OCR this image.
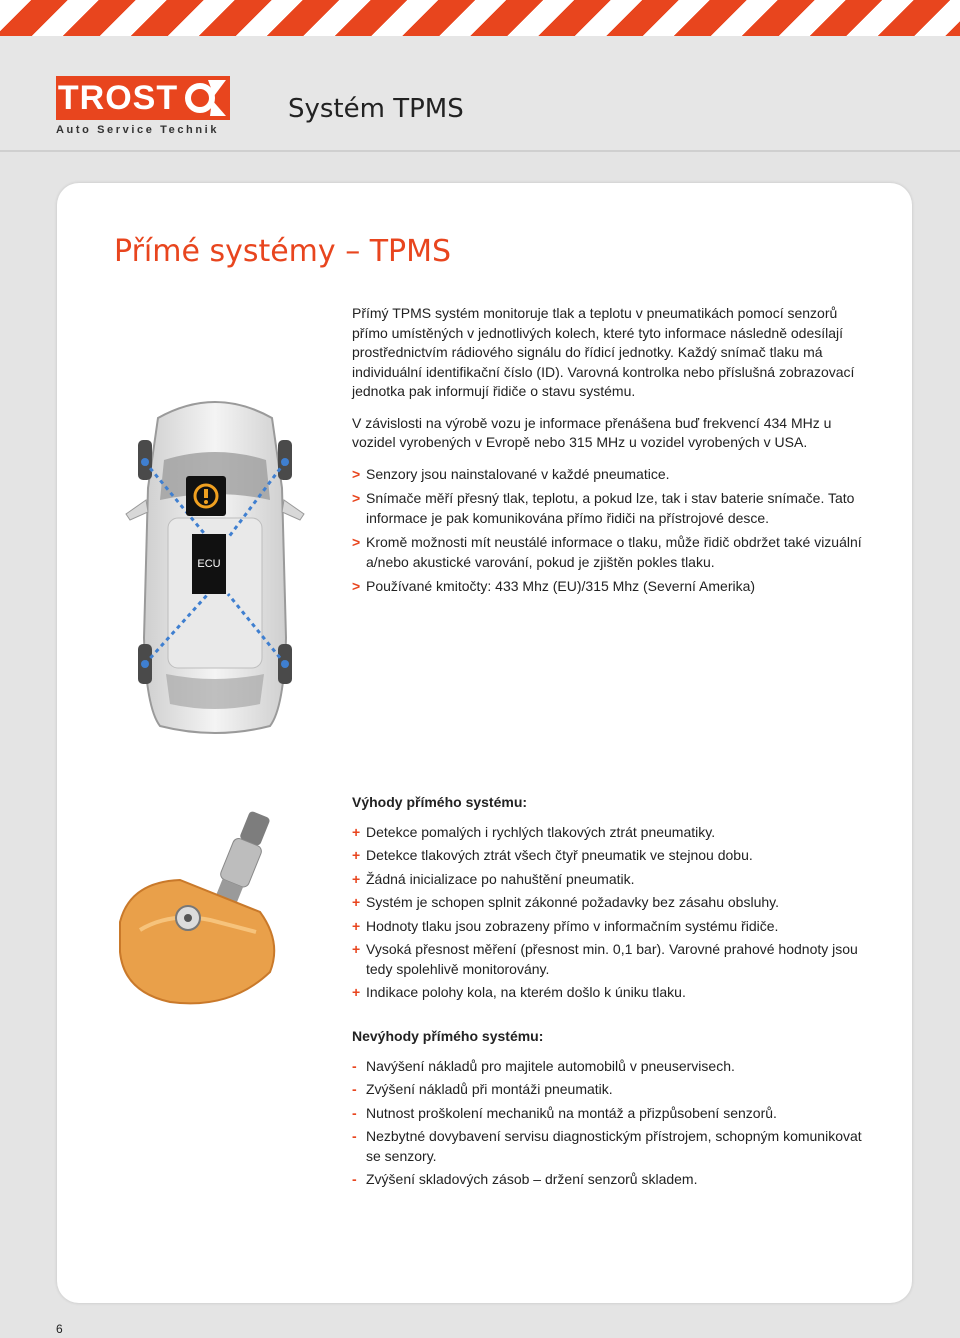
TROST
Auto Service Technik
Systém TPMS
Přímé systémy – TPMS
ECU

Přímý TPMS systém monitoruje tlak a teplotu v pneumatikách pomocí senzorů přímo umístěných v jednotlivých kolech, které tyto informace následně odesílají prostřednictvím rádiového signálu do řídicí jednotky. Každý snímač tlaku má individuální identifikační číslo (ID). Varovná kontrolka nebo příslušná zobrazovací jednotka pak informují řidiče o stavu systému.

V závislosti na výrobě vozu je informace přenášena buď frekvencí 434 MHz u vozidel vyrobených v Evropě nebo 315 MHz u vozidel vyrobených v USA.

> Senzory jsou nainstalované v každé pneumatice.
> Snímače měří přesný tlak, teplotu, a pokud lze, tak i stav baterie snímače. Tato informace je pak komunikována přímo řidiči na přístrojové desce.
> Kromě možnosti mít neustálé informace o tlaku, může řidič obdržet také vizuální a/nebo akustické varování, pokud je zjištěn pokles tlaku.
> Používané kmitočty: 433 Mhz (EU)/315 Mhz (Severní Amerika)
Výhody přímého systému:
+ Detekce pomalých i rychlých tlakových ztrát pneumatiky.
+ Detekce tlakových ztrát všech čtyř pneumatik ve stejnou dobu.
+ Žádná inicializace po nahuštění pneumatik.
+ Systém je schopen splnit zákonné požadavky bez zásahu obsluhy.
+ Hodnoty tlaku jsou zobrazeny přímo v informačním systému řidiče.
+ Vysoká přesnost měření (přesnost min. 0,1 bar). Varovné prahové hodnoty jsou tedy spolehlivě monitorovány.
+ Indikace polohy kola, na kterém došlo k úniku tlaku.
Nevýhody přímého systému:
- Navýšení nákladů pro majitele automobilů v pneuservisech.
- Zvýšení nákladů při montáži pneumatik.
- Nutnost proškolení mechaniků na montáž a přizpůsobení senzorů.
- Nezbytné dovybavení servisu diagnostickým přístrojem, schopným komunikovat se senzory.
- Zvýšení skladových zásob – držení senzorů skladem.
6
